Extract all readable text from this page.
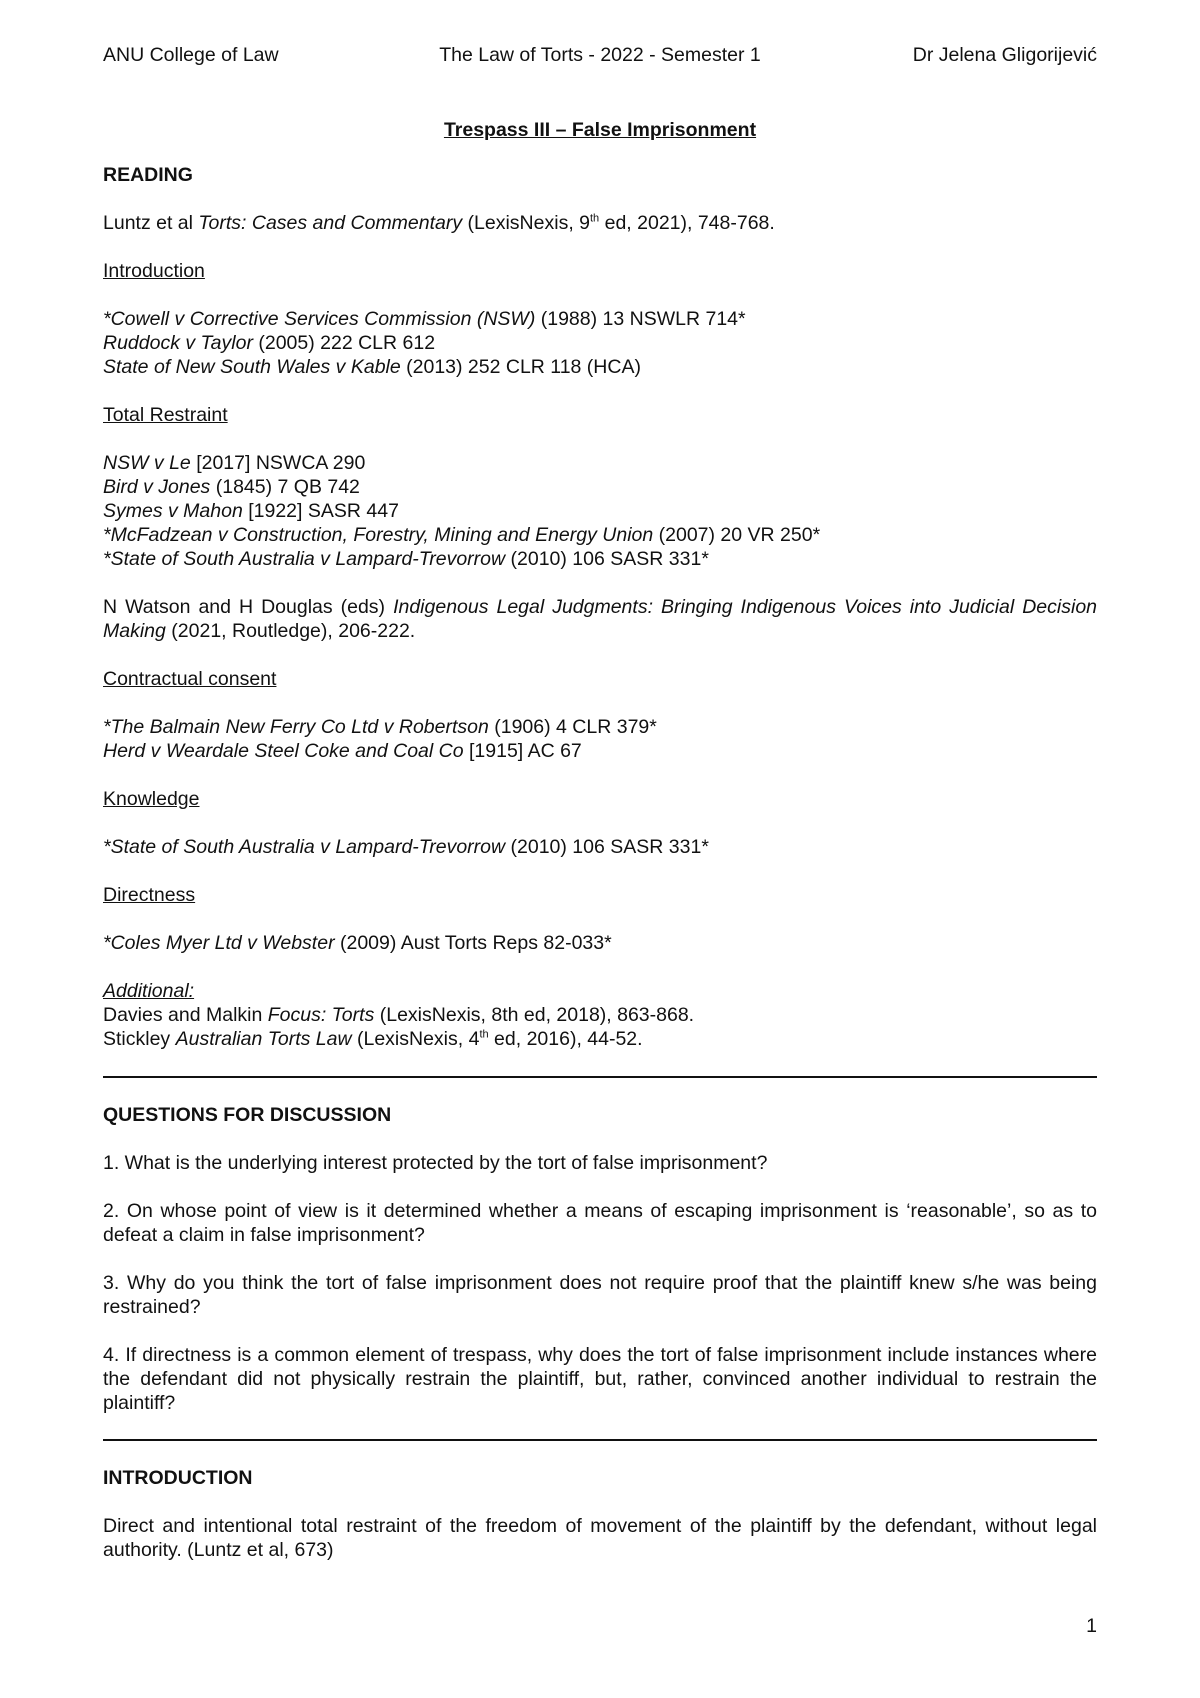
ANU College of Law	The Law of Torts - 2022 - Semester 1	Dr Jelena Gligorijević
Trespass III – False Imprisonment
READING

Luntz et al Torts: Cases and Commentary (LexisNexis, 9th ed, 2021), 748-768.

Introduction

*Cowell v Corrective Services Commission (NSW) (1988) 13 NSWLR 714*
Ruddock v Taylor (2005) 222 CLR 612
State of New South Wales v Kable (2013) 252 CLR 118 (HCA)

Total Restraint

NSW v Le [2017] NSWCA 290
Bird v Jones (1845) 7 QB 742
Symes v Mahon [1922] SASR 447
*McFadzean v Construction, Forestry, Mining and Energy Union (2007) 20 VR 250*
*State of South Australia v Lampard-Trevorrow (2010) 106 SASR 331*

N Watson and H Douglas (eds) Indigenous Legal Judgments: Bringing Indigenous Voices into Judicial Decision Making (2021, Routledge), 206-222.

Contractual consent

*The Balmain New Ferry Co Ltd v Robertson (1906) 4 CLR 379*
Herd v Weardale Steel Coke and Coal Co [1915] AC 67

Knowledge

*State of South Australia v Lampard-Trevorrow (2010) 106 SASR 331*

Directness

*Coles Myer Ltd v Webster (2009) Aust Torts Reps 82-033*
Additional:
Davies and Malkin Focus: Torts (LexisNexis, 8th ed, 2018), 863-868.
Stickley Australian Torts Law (LexisNexis, 4th ed, 2016), 44-52.
QUESTIONS FOR DISCUSSION

1. What is the underlying interest protected by the tort of false imprisonment?

2. On whose point of view is it determined whether a means of escaping imprisonment is ‘reasonable’, so as to defeat a claim in false imprisonment?

3. Why do you think the tort of false imprisonment does not require proof that the plaintiff knew s/he was being restrained?

4. If directness is a common element of trespass, why does the tort of false imprisonment include instances where the defendant did not physically restrain the plaintiff, but, rather, convinced another individual to restrain the plaintiff?

INTRODUCTION

Direct and intentional total restraint of the freedom of movement of the plaintiff by the defendant, without legal authority. (Luntz et al, 673)

1
